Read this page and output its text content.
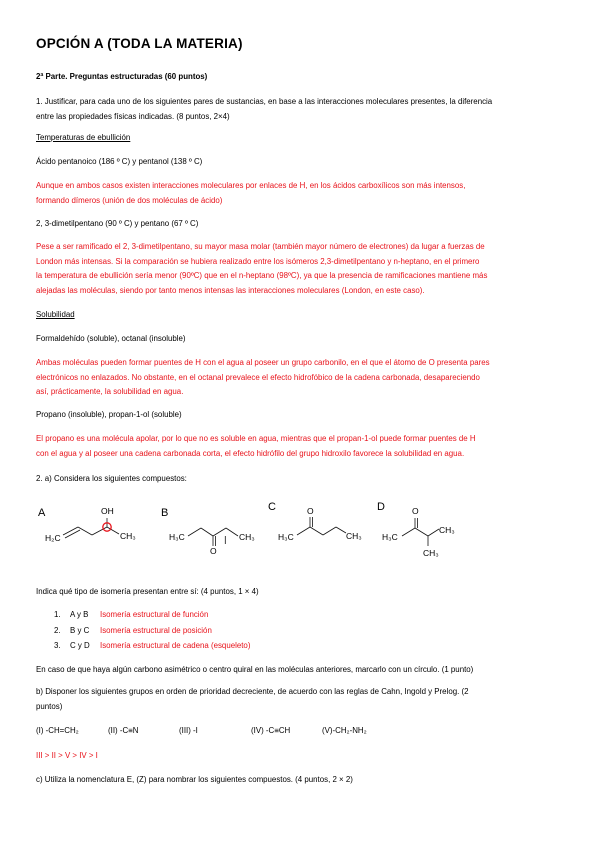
OPCIÓN A (TODA LA MATERIA)
2ª Parte. Preguntas estructuradas (60 puntos)
1. Justificar, para cada uno de los siguientes pares de sustancias, en base a las interacciones moleculares presentes, la diferencia
entre las propiedades físicas indicadas. (8 puntos, 2×4)
Temperaturas de ebullición
Ácido pentanoico (186 º C) y pentanol (138 º C)
Aunque en ambos casos existen interacciones moleculares por enlaces de H, en los ácidos carboxílicos son más intensos,
formando dímeros (unión de dos moléculas de ácido)
2, 3-dimetilpentano (90 º C) y pentano (67 º C)
Pese a ser ramificado el 2, 3-dimetilpentano, su mayor masa molar (también mayor número de electrones) da lugar a fuerzas de
London más intensas. Si la comparación se hubiera realizado entre los isómeros 2,3-dimetilpentano y n-heptano, en el primero
la temperatura de ebullición sería menor (90ºC) que en el n-heptano (98ºC), ya que la presencia de ramificaciones mantiene más
alejadas las moléculas, siendo por tanto menos intensas las interacciones moleculares (London, en este caso).
Solubilidad
Formaldehído (soluble), octanal (insoluble)
Ambas moléculas pueden formar puentes de H con el agua al poseer un grupo carbonilo, en el que el átomo de O presenta pares
electrónicos no enlazados. No obstante, en el octanal prevalece el efecto hidrofóbico de la cadena carbonada, desapareciendo
así, prácticamente, la solubilidad en agua.
Propano (insoluble), propan-1-ol (soluble)
El propano es una molécula apolar, por lo que no es soluble en agua, mientras que el propan-1-ol puede formar puentes de H
con el agua y al poseer una cadena carbonada corta, el efecto hidrófilo del grupo hidroxilo favorece la solubilidad en agua.
2. a) Considera los siguientes compuestos:
A
H₂C
OH
CH₃
B
H₃C
O
CH₃
C
H₃C
O
CH₃
D
H₃C
O
CH₃
CH₃
Indica qué tipo de isomería presentan entre sí: (4 puntos, 1 × 4)
1. A y B Isomería estructural de función
2. B y C Isomería estructural de posición
3. C y D Isomería estructural de cadena (esqueleto)
En caso de que haya algún carbono asimétrico o centro quiral en las moléculas anteriores, marcarlo con un círculo. (1 punto)
b) Disponer los siguientes grupos en orden de prioridad decreciente, de acuerdo con las reglas de Cahn, Ingold y Prelog. (2
puntos)
(I) -CH=CH₂	(II) -C≡N	(III) -I	(IV) -C≡CH	(V)-CH₂-NH₂
III > II > V > IV > I
c) Utiliza la nomenclatura E, (Z) para nombrar los siguientes compuestos. (4 puntos, 2 × 2)
